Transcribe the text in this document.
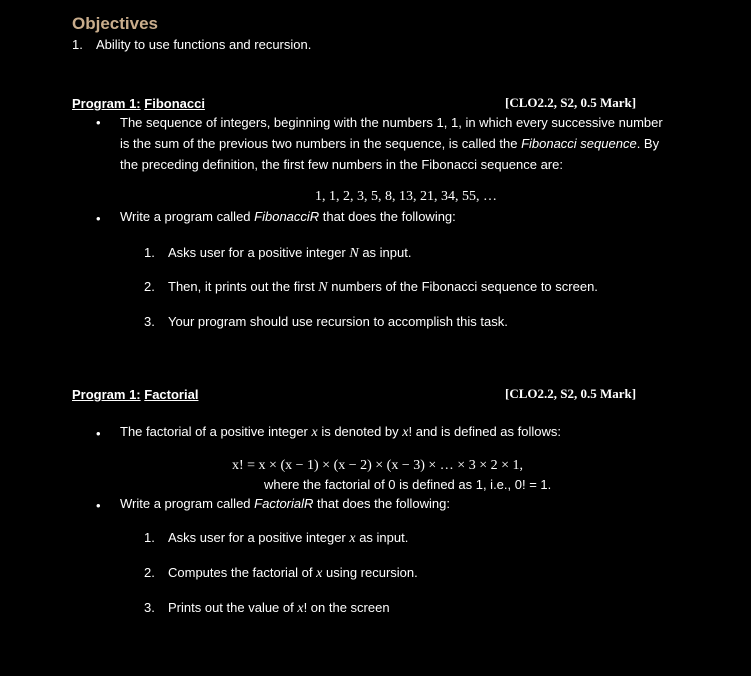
Objectives
1. Ability to use functions and recursion.
Program 1: Fibonacci	[CLO2.2, S2, 0.5 Mark]
• The sequence of integers, beginning with the numbers 1, 1, in which every successive number
is the sum of the previous two numbers in the sequence, is called the Fibonacci sequence. By
the preceding definition, the first few numbers in the Fibonacci sequence are:
1, 1, 2, 3, 5, 8, 13, 21, 34, 55, …
• Write a program called FibonacciR that does the following:
1. Asks user for a positive integer N as input.
2. Then, it prints out the first N numbers of the Fibonacci sequence to screen.
3. Your program should use recursion to accomplish this task.
Program 1: Factorial	[CLO2.2, S2, 0.5 Mark]
• The factorial of a positive integer x is denoted by x! and is defined as follows:
x! = x × (x − 1) × (x − 2) × (x − 3) × … × 3 × 2 × 1,
where the factorial of 0 is defined as 1, i.e., 0! = 1.
• Write a program called FactorialR that does the following:
1. Asks user for a positive integer x as input.
2. Computes the factorial of x using recursion.
3. Prints out the value of x! on the screen
